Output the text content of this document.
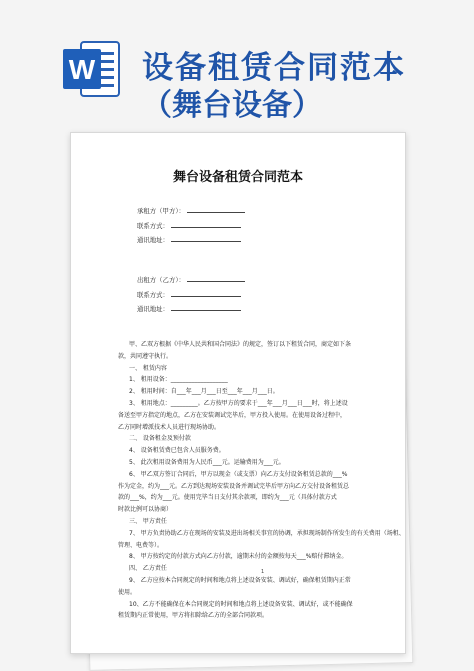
W 设备租赁合同范本
（舞台设备）
舞台设备租赁合同范本
承租方（甲方）：
联系方式：
通讯地址：
出租方（乙方）：
联系方式：
通讯地址：
甲、乙双方根据《中华人民共和国合同法》的规定，签订以下租赁合同，商定如下条
款，共同遵守执行。
一、 租赁内容
1、 租用设备：___________________
2、 租用时间：自___年___月___日至___年___月___日。
3、 租用地点：_________。乙方按甲方的要求于___年___月___日___时，将上述设
备送至甲方指定的地点，乙方在安装调试完毕后，甲方投入使用。在使用设备过程中，
乙方同时增派技术人员进行现场协助。
二、 设备租金及预付款
4、 设备租赁费已包含人员服务费。
5、 此次租用设备费用为人民币___元。运输费用为___元。
6、 甲乙双方签订合同后，甲方以现金（或支票）向乙方支付设备租赁总款的___%
作为定金，约为___元。乙方到达现场安装设备并调试完毕后甲方向乙方交付设备租赁总
款的___%，约为___元。使用完毕当日支付其余款项，即约为___元（具体付款方式
时款比例可以协商）
三、 甲方责任
7、 甲方负责协助乙方在现场的安装及进出场相关事宜的协调，承担现场制作所发生的有关费用（场租、
管理、电费等）。
8、 甲方按约定的付款方式向乙方付款，逾期未付的金额按每天___%赔付滞纳金。
四、 乙方责任
9、 乙方应按本合同规定的时间和地点将上述设备安装、调试好，确保租赁期内正常
使用。
10、乙方不能确保在本合同规定的时间和地点将上述设备安装、调试好，或不能确保
租赁期内正常使用，甲方将扣除给乙方的全部合同款项。
1
